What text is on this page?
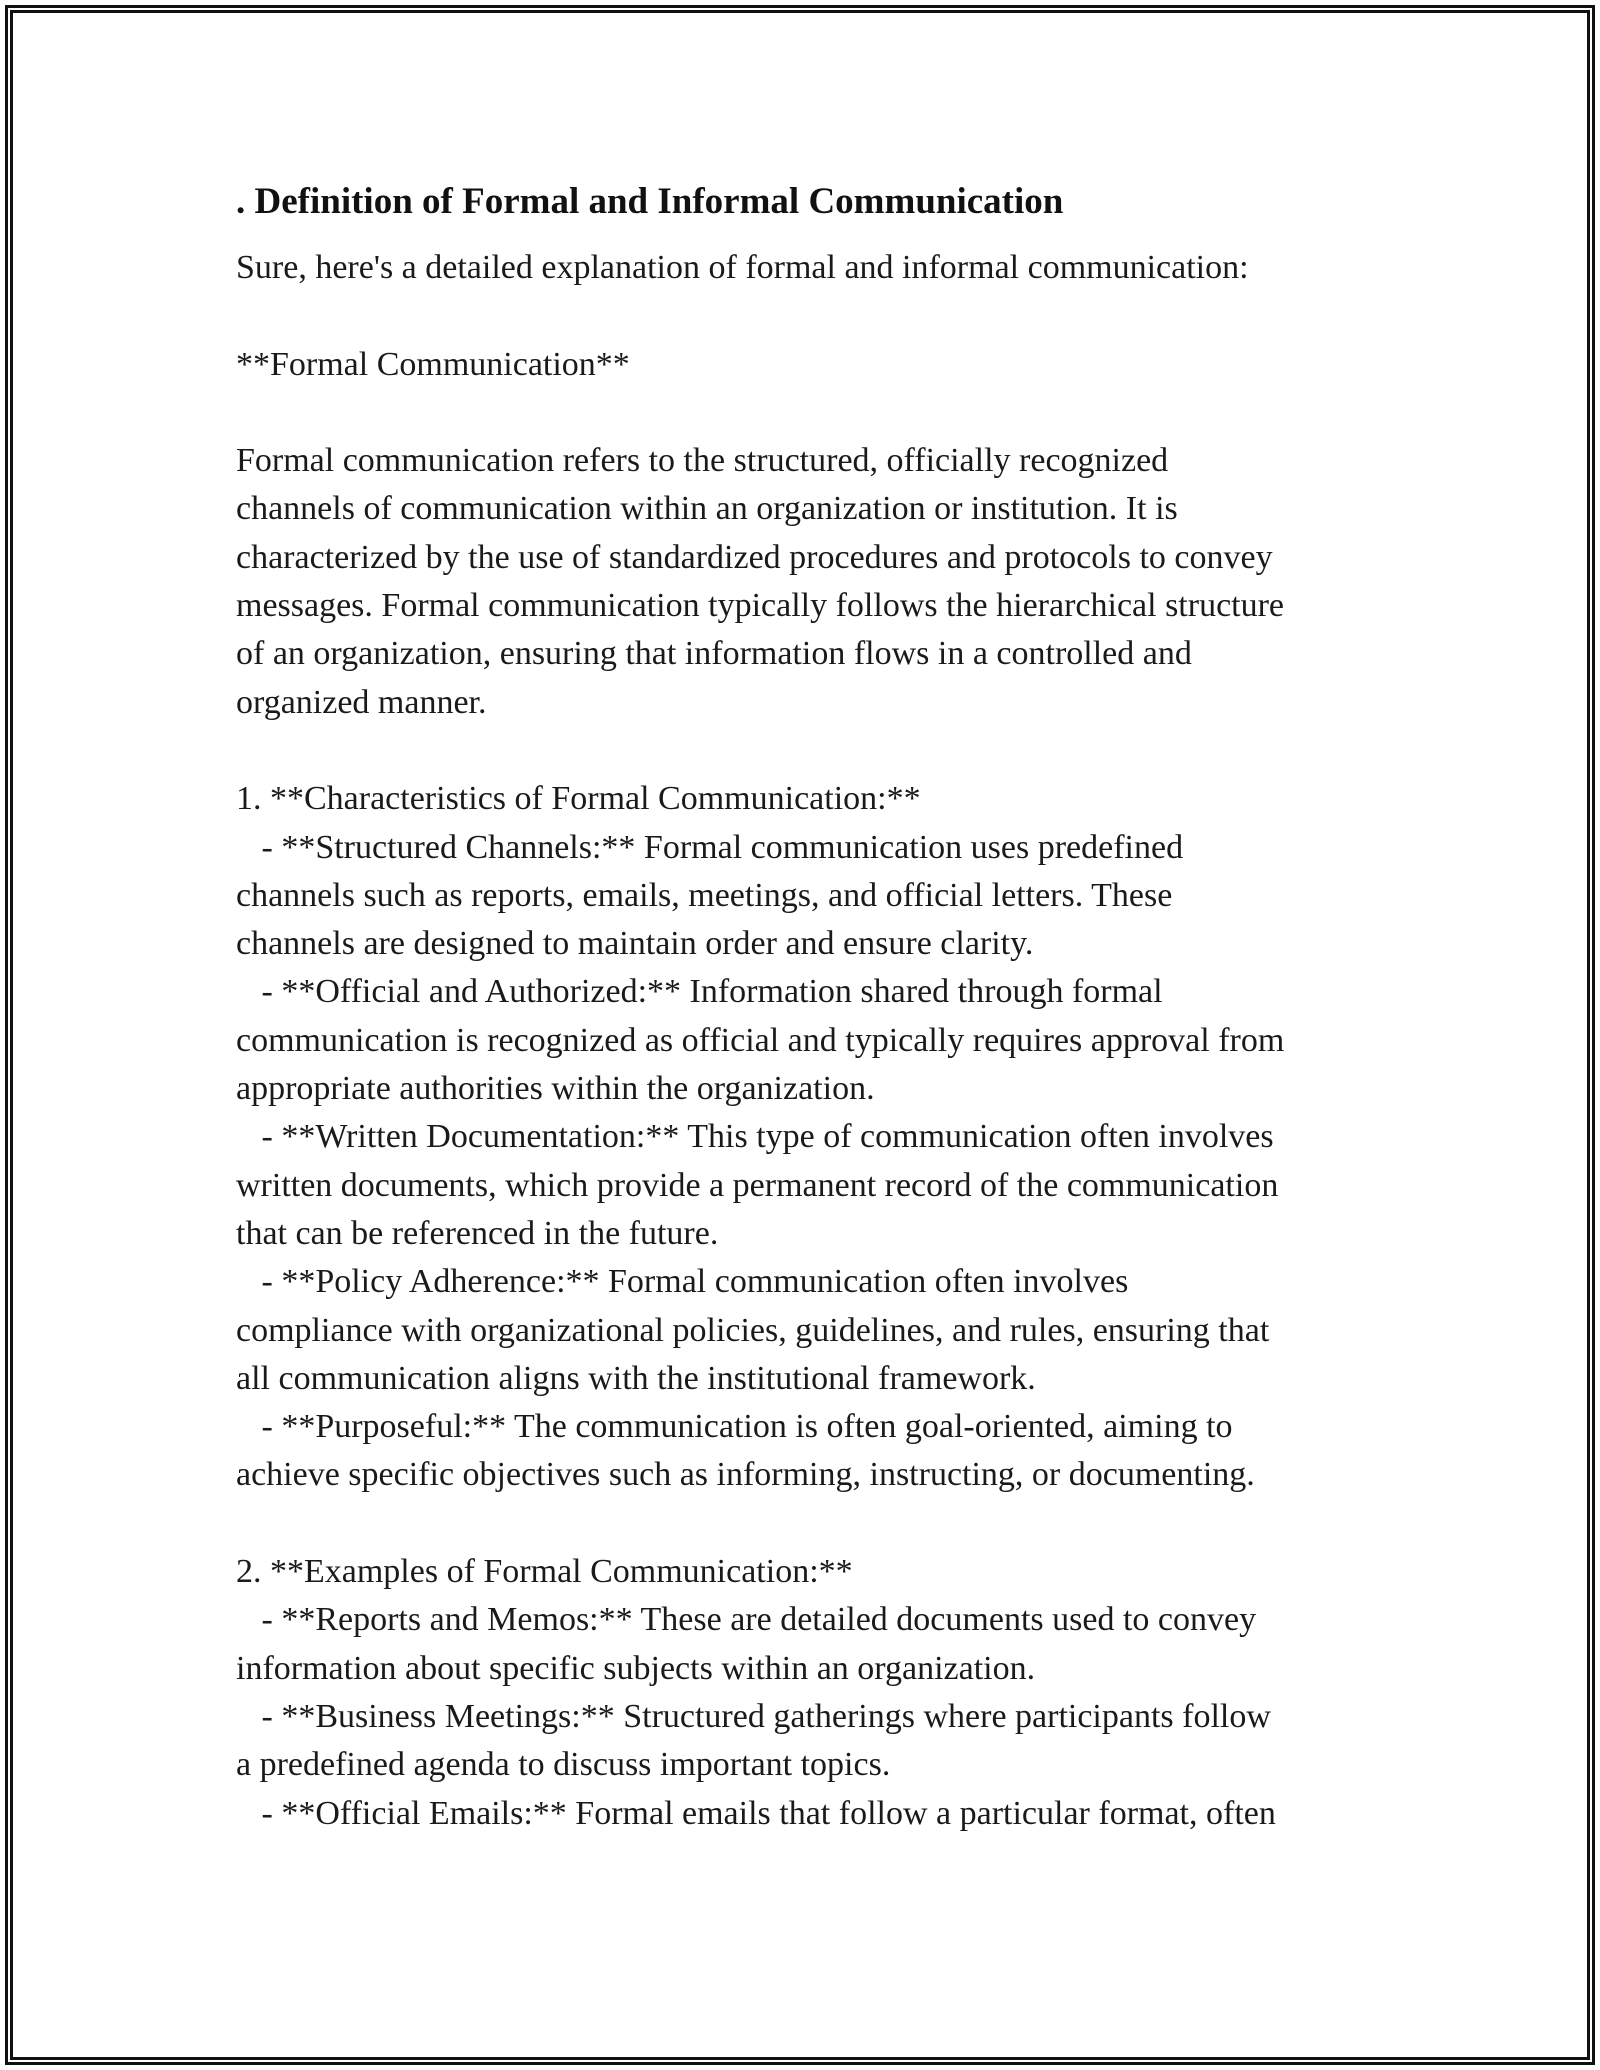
. Definition of Formal and Informal Communication

Sure, here's a detailed explanation of formal and informal communication:

**Formal Communication**

Formal communication refers to the structured, officially recognized

channels of communication within an organization or institution. It is

characterized by the use of standardized procedures and protocols to convey

messages. Formal communication typically follows the hierarchical structure

of an organization, ensuring that information flows in a controlled and

organized manner.

1. **Characteristics of Formal Communication:**

- **Structured Channels:** Formal communication uses predefined

channels such as reports, emails, meetings, and official letters. These

channels are designed to maintain order and ensure clarity.

- **Official and Authorized:** Information shared through formal

communication is recognized as official and typically requires approval from

appropriate authorities within the organization.

- **Written Documentation:** This type of communication often involves

written documents, which provide a permanent record of the communication

that can be referenced in the future.

- **Policy Adherence:** Formal communication often involves

compliance with organizational policies, guidelines, and rules, ensuring that

all communication aligns with the institutional framework.

- **Purposeful:** The communication is often goal-oriented, aiming to

achieve specific objectives such as informing, instructing, or documenting.

2. **Examples of Formal Communication:**

- **Reports and Memos:** These are detailed documents used to convey

information about specific subjects within an organization.

- **Business Meetings:** Structured gatherings where participants follow

a predefined agenda to discuss important topics.

- **Official Emails:** Formal emails that follow a particular format, often
